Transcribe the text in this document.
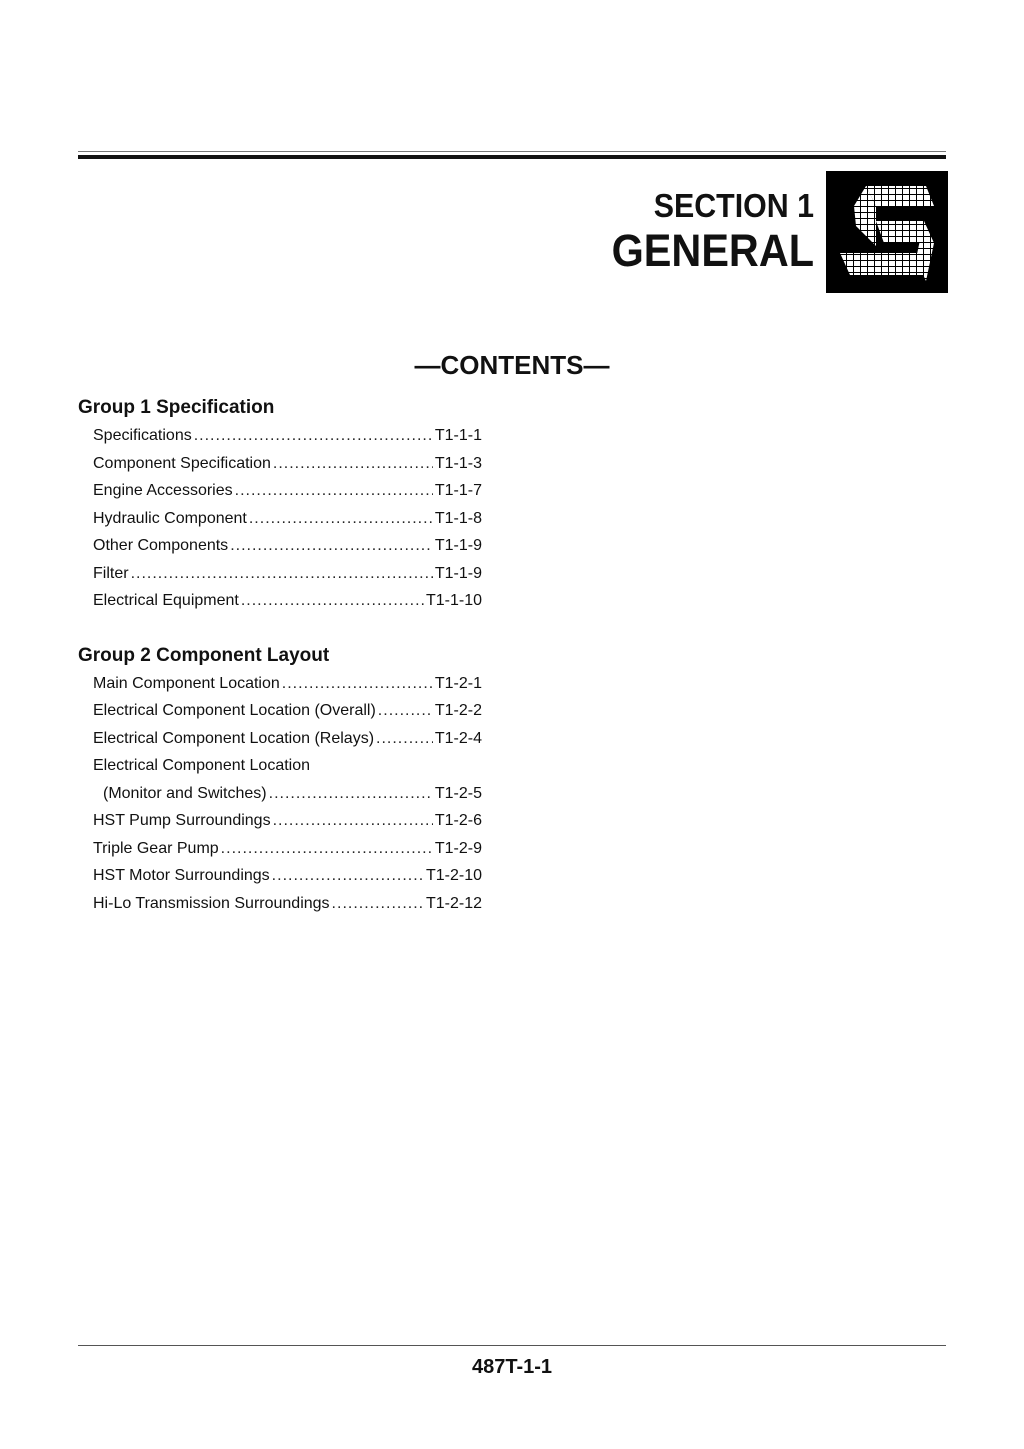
SECTION 1
GENERAL
—CONTENTS—
Group 1 Specification
Specifications .....	T1-1-1
Component Specification .....	T1-1-3
Engine Accessories .....	T1-1-7
Hydraulic Component .....	T1-1-8
Other Components .....	T1-1-9
Filter .....	T1-1-9
Electrical Equipment .....	T1-1-10
Group 2 Component Layout
Main Component Location .....	T1-2-1
Electrical Component Location (Overall) .....	T1-2-2
Electrical Component Location (Relays) .....	T1-2-4
Electrical Component Location
(Monitor and Switches) .....	T1-2-5
HST Pump Surroundings .....	T1-2-6
Triple Gear Pump .....	T1-2-9
HST Motor Surroundings .....	T1-2-10
Hi-Lo Transmission Surroundings .....	T1-2-12
487T-1-1
